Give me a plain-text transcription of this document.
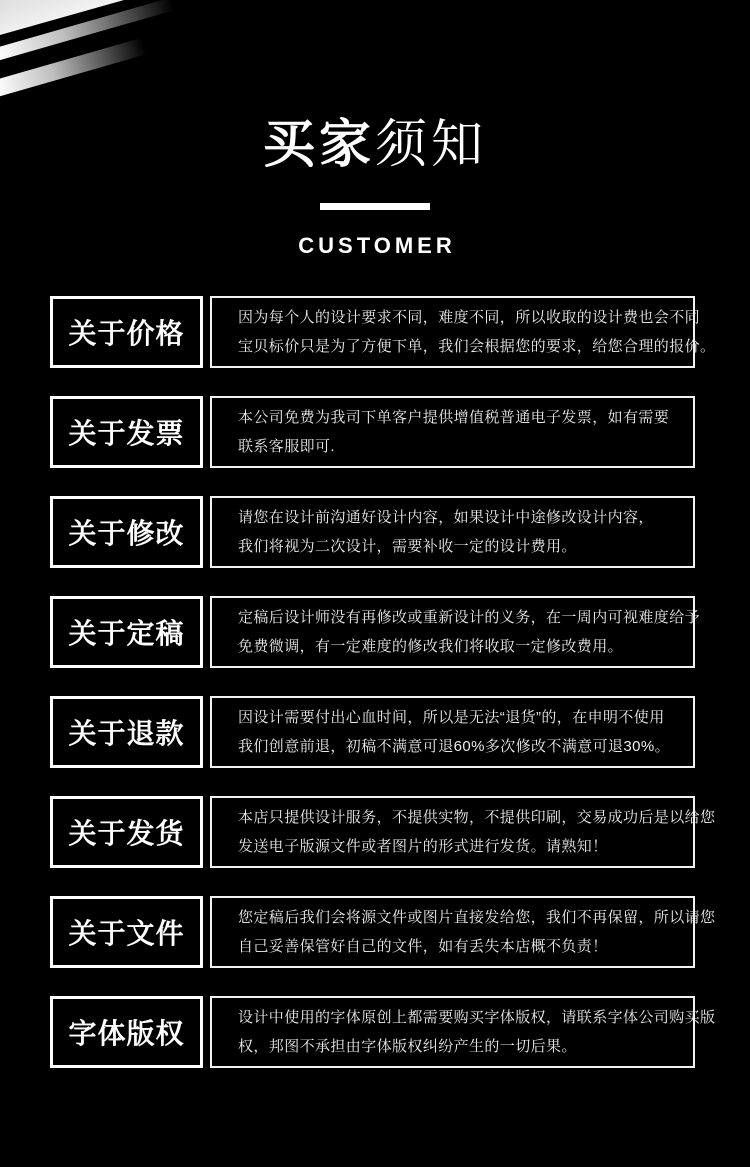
买家须知
CUSTOMER
关于价格
因为每个人的设计要求不同，难度不同，所以收取的设计费也会不同
宝贝标价只是为了方便下单，我们会根据您的要求，给您合理的报价。
关于发票
本公司免费为我司下单客户提供增值税普通电子发票，如有需要
联系客服即可.
关于修改
请您在设计前沟通好设计内容，如果设计中途修改设计内容，
我们将视为二次设计，需要补收一定的设计费用。
关于定稿
定稿后设计师没有再修改或重新设计的义务，在一周内可视难度给予
免费微调，有一定难度的修改我们将收取一定修改费用。
关于退款
因设计需要付出心血时间，所以是无法“退货”的，在申明不使用
我们创意前退，初稿不满意可退60%多次修改不满意可退30%。
关于发货
本店只提供设计服务，不提供实物，不提供印刷，交易成功后是以给您
发送电子版源文件或者图片的形式进行发货。请熟知！
关于文件
您定稿后我们会将源文件或图片直接发给您，我们不再保留，所以请您
自己妥善保管好自己的文件，如有丢失本店概不负责！
字体版权
设计中使用的字体原创上都需要购买字体版权，请联系字体公司购买版
权，邦图不承担由字体版权纠纷产生的一切后果。
